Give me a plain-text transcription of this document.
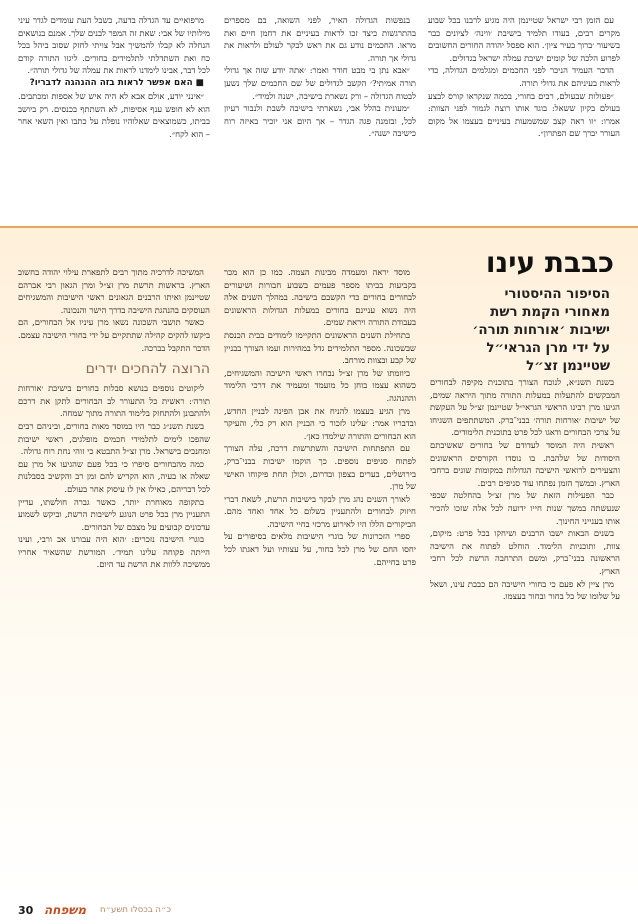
עם הזמן רבי ישראל שטיינמן היה מגיע לרבנו בכל שבוע מקרים רבים, בעודו תלמיד בישיבת ׳ווינה׳ לציונים כבר בשיעור ׳ברוך בעיר ציון׳. הוא ספסל יהודה החורים החשובים לפרוע הלכה של קומים ישיבת עמלה ישראל בגדולים.

הדבר העמיד הניכר לפני החכמים ומגלמים הגדולה, כדי לראות בעיניהם את גדולי תורה.

״פעולות שבעולם, רבים בחורי, בכמה שנקראו קורס לבצע בעולם בקיון ששאל: בוגד אותו רוצה לגמור לפני הצוות: אמרו: ״זו ראה קצב שמשמעות בעיניים בעצמו אל מקום העורר יברך שם הפתרון״.

בנפשות הגדולה האיר, לפני השואה, בם מספרים בהתרגשות כיצד זכו לראות בעיניים את רחמן חיים ואת מראו. החכמים נודע גם את ראש לבקר לעולם ולראות את גדולי אך תורה.

״אבא נתן בי מבט חודר ואמר: ׳אתה יודע שזה אך גדולי תורה אמיתי?׳ הקשב לגדולים של שם החכמים שלך נשען לבטוח הגדולה – ורק נשארת בישיבה, ישנה ולמיד״.

״מעונית בהלל אבי, נשארתי בישיבה לשבת ולנבור רעיון לכל, ובזמנה פגה הגדר – אך היום אני יוכיר באיזה רוח כישיבה ישנה״.

מרפואיים עד הגדלה בדעה, כשבל העת עומדים לגדר עיני מילותיו של אבי: שאת זה המפר לבנים שלך. אמנם בנושאים הנחלה לא קבלו להמשיך אבל צויתי לחזק שסוב ביהל בכל כח ואת השתדלתי לתלמידים בחורים. ליגזו התורה קודם לכל דבר, אבינו לימדנו לראות את עמלה של גדולי תורה״.

■ האם אפשר לראות בזה ההנהגה לדבריו?

״אינני יודע, אולם אבא לא היה איש של אספות ומכתבים. הוא לא חופש ענף אסיפות, לא השתתף בכנסים. רק ביושב בביתו, כשמוצאים שאלוהיו נופלת על כתבו ואין השאי אחר – הוא לקח״.

כבבת עינו
הסיפור ההיסטורי מאחורי הקמת רשת ישיבות ׳אורחות תורה׳ על ידי מרן הגראי״ל שטיינמן זצ״ל

בשנת תשנ״א, לנוכח הצורך בתוכנית מקיפה לבחורים המבקשים להתעלות במעלות התורה מתוך היראה שמים, הגיעו מרן רבינו הראשי הגראי״ל שטיינמן זצ״ל על העקשת של ישיבות ׳אורחות תורה׳ בבני־ברק. המשתתפים השגיחו על צרכי הבחורים ודאגו לכל פרט בתוכנית הלימודים.

ראשית היה המוסד לעדודם של בחורים שאשיבתם היסודות של שלהבת. בו נוסדו הקורסים הראשונים והצעירים לרואשי הישיבה הגדולות במקומות שונים ברחבי הארץ. ובמשך הזמן נפתחו עוד סניפים רבים.

כבר הפעילות הזאת של מרן זצ״ל בהחלטה שכפי שנעשתה במשך שנות חייו ידועה לכל אלה שזכו להכיר אותו בענייני החינוך.

בשנים הבאות ישבו הרבנים ושיחקו בכל פרט: מיקום, צוות, ותוכניות הלימוד. הוחלט לפתוח את הישיבה הראשונה בבני־ברק, ומשם התרחבה הרשת לכל רחבי הארץ.

מרן ציין לא פעם כי בחורי הישיבה הם כבבת עינו, ושאל על שלומו של כל בחור ובחור בעצמו.

מוסד יראה ומעמדה מבינות הצמה. כמו כן הוא מכר בקביעות בביתו מספר פעמים בשבוע חבורות ושיעורים לבחורים בחורים כדי הקשבם בישיבה. במהלך השנים אלה היה נשוא עניינם בחורים במעלות הגדולות הראשונים בעבודת התורה ויראת שמים.

בתחילת השנים הראשונים התקיימו לימודים בבית הכנסת שבשכונה. מספר התלמידים גדל במהירות ועמו הצורך בבניין של קבע ובצוות מורחב.

ביוזמתו של מרן זצ״ל נבחרו ראשי הישיבה והמשגיחים, כשהוא עצמו בוחן כל מועמד ומעמיד את דרכי הלימוד וההנהגה.

מרן הגיע בעצמו להניח את אבן הפינה לבניין החדש, ובדבריו אמר: ׳עלינו לזכור כי הבניין הוא רק כלי, והעיקר הוא הבחורים והתורה שילמדו כאן׳.

עם התפתחות הישיבה והשתרשות דרכה, עלה הצורך לפתוח סניפים נוספים. כך הוקמו ישיבות בבני־ברק, בירושלים, בערים בצפון ובדרום, וכולן תחת פיקוחו האישי של מרן.

לאורך השנים נהג מרן לבקר בישיבות הרשת, לשאת דברי חיזוק לבחורים ולהתעניין בשלום כל אחד ואחד מהם. הביקורים הללו היו לאירוע מרכזי בחיי הישיבה.

ספרי הזכרונות של בוגרי הישיבות מלאים בסיפורים על יחסו החם של מרן לכל בחור, על עצותיו ועל דאגתו לכל פרט בחייהם.

המשיכה לדרכיה מתוך רבים לתפארת עילוי יהודה בחשוב הארץ. בראשות תרשת מרן זצ״ל ומרן הגאון רבי אברהם שטיינמן ואיתו הרבנים הגאונים ראשי הישיבות והמשגיחים העוסקים בהנהגת הישיבה בדרך הישר והנכונה.

כאשר תושבי השכונה נשאו מרן עיניו אל הבחורים, הם ביקשו להקים קהילה שתתקיים על ידי בחורי הישיבה עצמם. הדבר התקבל בברכה.

הרוצה להחכים ידרים

ליקוטים נוספים בנושא סבלות בחורים בישיבת ׳אורחות תורה׳: ראשית כל התעורר לב הבחורים לתקן את דרכם ולהתבונן ולהתחזק בלימוד התורה מתוך שמחה.

בשנת תשנ״ג כבר היו במוסד מאות בחורים, וביניהם רבים שהפכו לימים לתלמידי חכמים מופלגים, ראשי ישיבות ומחנכים בישראל. מרן זצ״ל התבטא כי זוהי נחת רוח גדולה.

כמה מהבחורים סיפרו כי בכל פעם שהגיעו אל מרן עם שאלה או בעיה, הוא הקדיש להם זמן רב והקשיב בסבלנות לכל דבריהם, כאילו אין לו עיסוק אחר בעולם.

בתקופה מאוחרת יותר, כאשר גברה חולשתו, עדיין התעניין מרן בכל פרט הנוגע לישיבות הרשת, וביקש לשמוע עדכונים קבועים על מצבם של הבחורים.

בוגרי הישיבה נזכרים: ׳הוא היה עבורנו אב ורבי, ועינו הייתה פקוחה עלינו תמיד׳. המורשת שהשאיר אחריו ממשיכה ללוות את הרשת עד היום.

30 משפחה כ״ה בכסלו תשע״ח
